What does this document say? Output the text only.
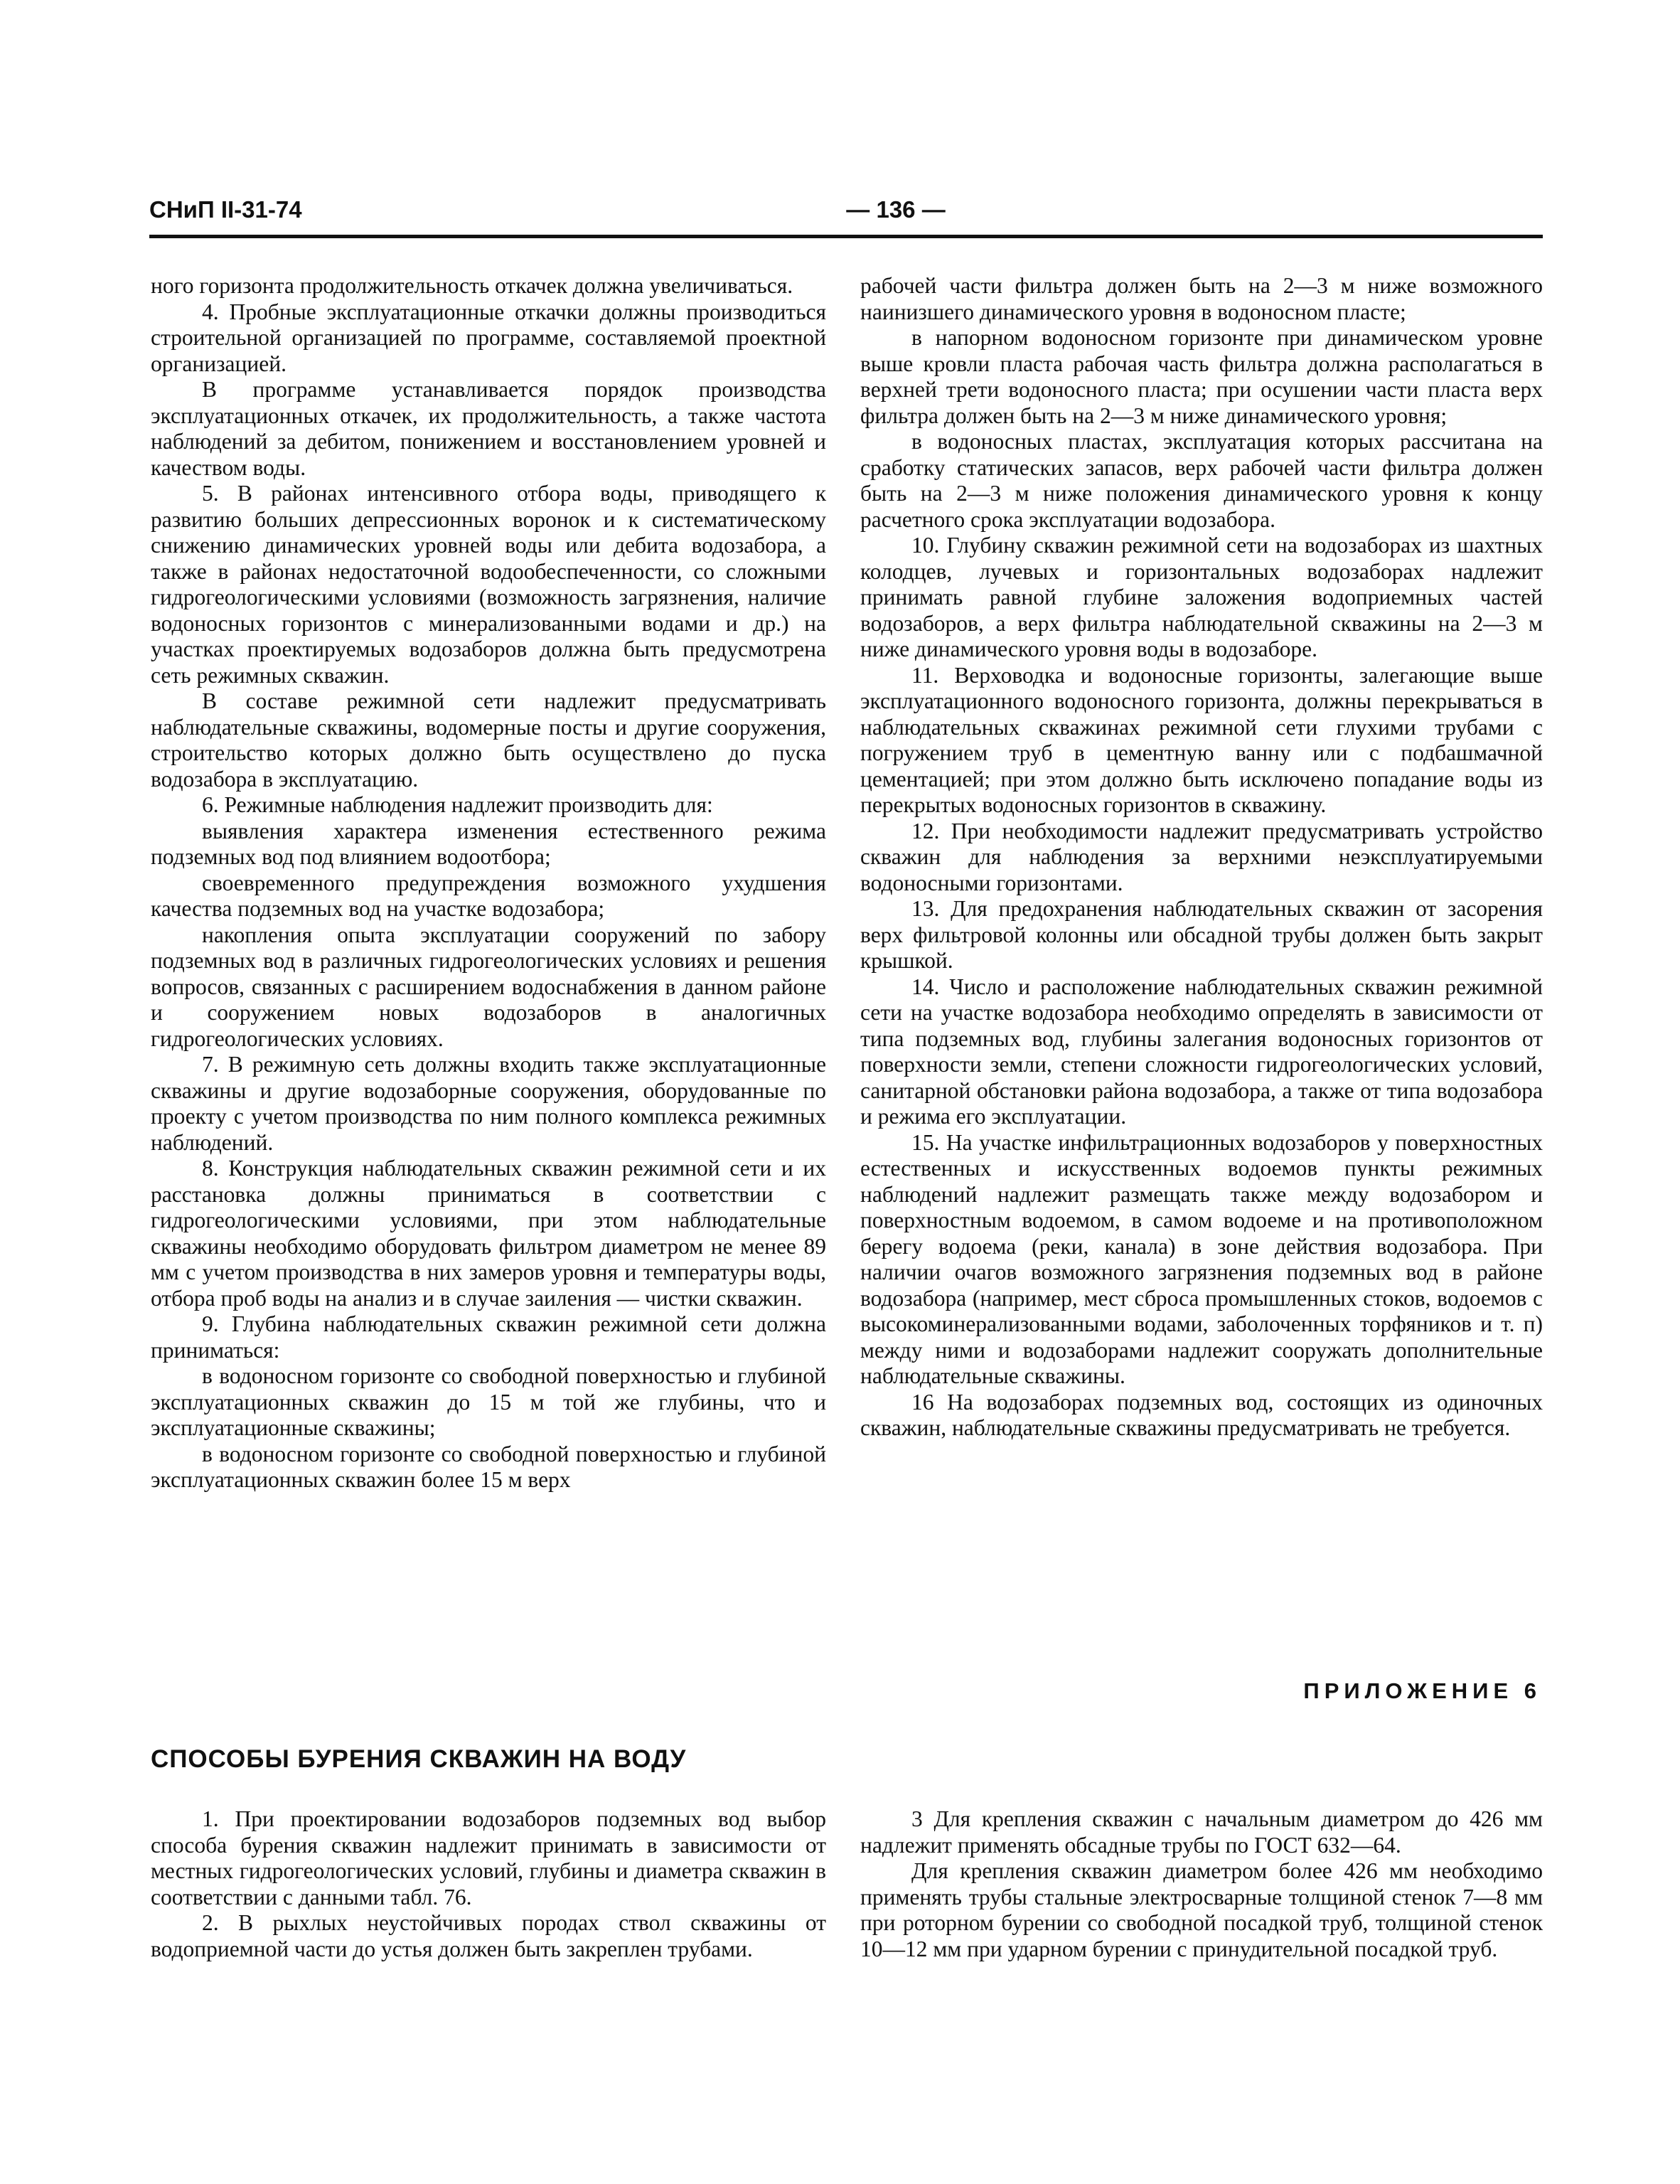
СНиП II-31-74	— 136 —

ного горизонта продолжительность откачек должна увеличиваться.

4. Пробные эксплуатационные откачки должны производиться строительной организацией по программе, составляемой проектной организацией.

В программе устанавливается порядок производства эксплуатационных откачек, их продолжительность, а также частота наблюдений за дебитом, понижением и восстановлением уровней и качеством воды.

5. В районах интенсивного отбора воды, приводящего к развитию больших депрессионных воронок и к систематическому снижению динамических уровней воды или дебита водозабора, а также в районах недостаточной водообеспеченности, со сложными гидрогеологическими условиями (возможность загрязнения, наличие водоносных горизонтов с минерализованными водами и др.) на участках проектируемых водозаборов должна быть предусмотрена сеть режимных скважин.

В составе режимной сети надлежит предусматривать наблюдательные скважины, водомерные посты и другие сооружения, строительство которых должно быть осуществлено до пуска водозабора в эксплуатацию.

6. Режимные наблюдения надлежит производить для:

выявления характера изменения естественного режима подземных вод под влиянием водоотбора;

своевременного предупреждения возможного ухудшения качества подземных вод на участке водозабора;

накопления опыта эксплуатации сооружений по забору подземных вод в различных гидрогеологических условиях и решения вопросов, связанных с расширением водоснабжения в данном районе и сооружением новых водозаборов в аналогичных гидрогеологических условиях.

7. В режимную сеть должны входить также эксплуатационные скважины и другие водозаборные сооружения, оборудованные по проекту с учетом производства по ним полного комплекса режимных наблюдений.

8. Конструкция наблюдательных скважин режимной сети и их расстановка должны приниматься в соответствии с гидрогеологическими условиями, при этом наблюдательные скважины необходимо оборудовать фильтром диаметром не менее 89 мм с учетом производства в них замеров уровня и температуры воды, отбора проб воды на анализ и в случае заиления — чистки скважин.

9. Глубина наблюдательных скважин режимной сети должна приниматься:

в водоносном горизонте со свободной поверхностью и глубиной эксплуатационных скважин до 15 м той же глубины, что и эксплуатационные скважины;

в водоносном горизонте со свободной поверхностью и глубиной эксплуатационных скважин более 15 м верх

рабочей части фильтра должен быть на 2—3 м ниже возможного наинизшего динамического уровня в водоносном пласте;

в напорном водоносном горизонте при динамическом уровне выше кровли пласта рабочая часть фильтра должна располагаться в верхней трети водоносного пласта; при осушении части пласта верх фильтра должен быть на 2—3 м ниже динамического уровня;

в водоносных пластах, эксплуатация которых рассчитана на сработку статических запасов, верх рабочей части фильтра должен быть на 2—3 м ниже положения динамического уровня к концу расчетного срока эксплуатации водозабора.

10. Глубину скважин режимной сети на водозаборах из шахтных колодцев, лучевых и горизонтальных водозаборах надлежит принимать равной глубине заложения водоприемных частей водозаборов, а верх фильтра наблюдательной скважины на 2—3 м ниже динамического уровня воды в водозаборе.

11. Верховодка и водоносные горизонты, залегающие выше эксплуатационного водоносного горизонта, должны перекрываться в наблюдательных скважинах режимной сети глухими трубами с погружением труб в цементную ванну или с подбашмачной цементацией; при этом должно быть исключено попадание воды из перекрытых водоносных горизонтов в скважину.

12. При необходимости надлежит предусматривать устройство скважин для наблюдения за верхними неэксплуатируемыми водоносными горизонтами.

13. Для предохранения наблюдательных скважин от засорения верх фильтровой колонны или обсадной трубы должен быть закрыт крышкой.

14. Число и расположение наблюдательных скважин режимной сети на участке водозабора необходимо определять в зависимости от типа подземных вод, глубины залегания водоносных горизонтов от поверхности земли, степени сложности гидрогеологических условий, санитарной обстановки района водозабора, а также от типа водозабора и режима его эксплуатации.

15. На участке инфильтрационных водозаборов у поверхностных естественных и искусственных водоемов пункты режимных наблюдений надлежит размещать также между водозабором и поверхностным водоемом, в самом водоеме и на противоположном берегу водоема (реки, канала) в зоне действия водозабора. При наличии очагов возможного загрязнения подземных вод в районе водозабора (например, мест сброса промышленных стоков, водоемов с высокоминерализованными водами, заболоченных торфяников и т. п) между ними и водозаборами надлежит сооружать дополнительные наблюдательные скважины.

16 На водозаборах подземных вод, состоящих из одиночных скважин, наблюдательные скважины предусматривать не требуется.

ПРИЛОЖЕНИЕ 6
СПОСОБЫ БУРЕНИЯ СКВАЖИН НА ВОДУ

1. При проектировании водозаборов подземных вод выбор способа бурения скважин надлежит принимать в зависимости от местных гидрогеологических условий, глубины и диаметра скважин в соответствии с данными табл. 76.

2. В рыхлых неустойчивых породах ствол скважины от водоприемной части до устья должен быть закреплен трубами.

3 Для крепления скважин с начальным диаметром до 426 мм надлежит применять обсадные трубы по ГОСТ 632—64.

Для крепления скважин диаметром более 426 мм необходимо применять трубы стальные электросварные толщиной стенок 7—8 мм при роторном бурении со свободной посадкой труб, толщиной стенок 10—12 мм при ударном бурении с принудительной посадкой труб.
